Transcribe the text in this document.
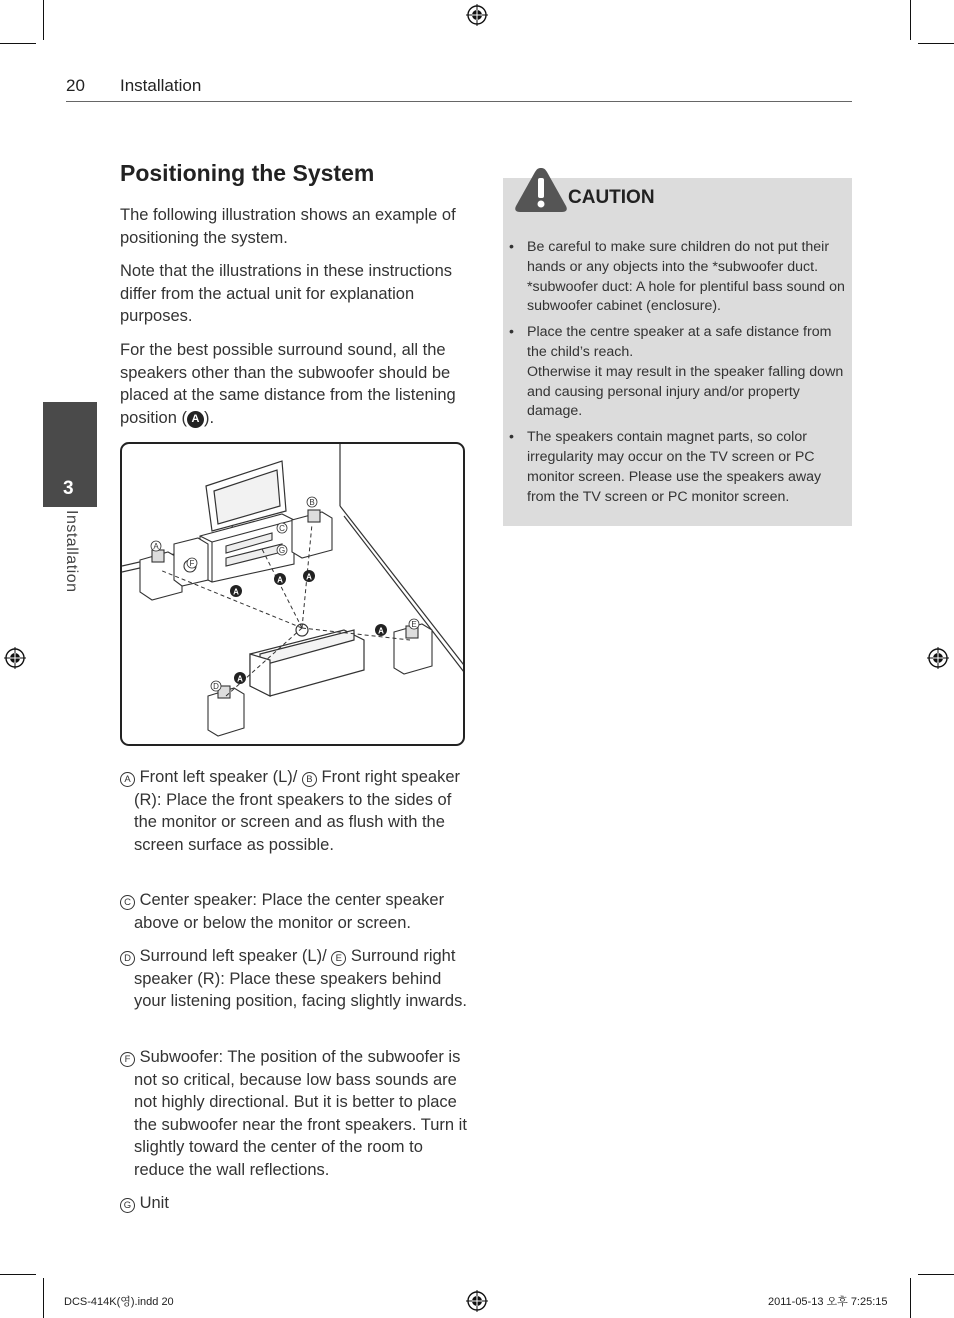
20 Installation
3
Installation
Positioning the System

The following illustration shows an example of positioning the system.

Note that the illustrations in these instructions differ from the actual unit for explanation purposes.

For the best possible surround sound, all the speakers other than the subwoofer should be placed at the same distance from the listening position ( A ).

A
A	A
A
A
A
B
C
D
E
F
G

A Front left speaker (L)/ B Front right speaker
(R): Place the front speakers to the sides of the monitor or screen and as flush with the screen surface as possible.

C Center speaker: Place the center speaker
above or below the monitor or screen.

D Surround left speaker (L)/ E Surround right
speaker (R): Place these speakers behind your listening position, facing slightly inwards.

F Subwoofer: The position of the subwoofer is
not so critical, because low bass sounds are not highly directional. But it is better to place the subwoofer near the front speakers. Turn it slightly toward the center of the room to reduce the wall reflections.

G Unit

CAUTION
• Be careful to make sure children do not put their hands or any objects into the *subwoofer duct.
*subwoofer duct: A hole for plentiful bass sound on subwoofer cabinet (enclosure).
• Place the centre speaker at a safe distance from the child’s reach.
Otherwise it may result in the speaker falling down and causing personal injury and/or property damage.
• The speakers contain magnet parts, so color irregularity may occur on the TV screen or PC monitor screen. Please use the speakers away from the TV screen or PC monitor screen.
DCS-414K(영).indd 20	2011-05-13 오후 7:25:15
